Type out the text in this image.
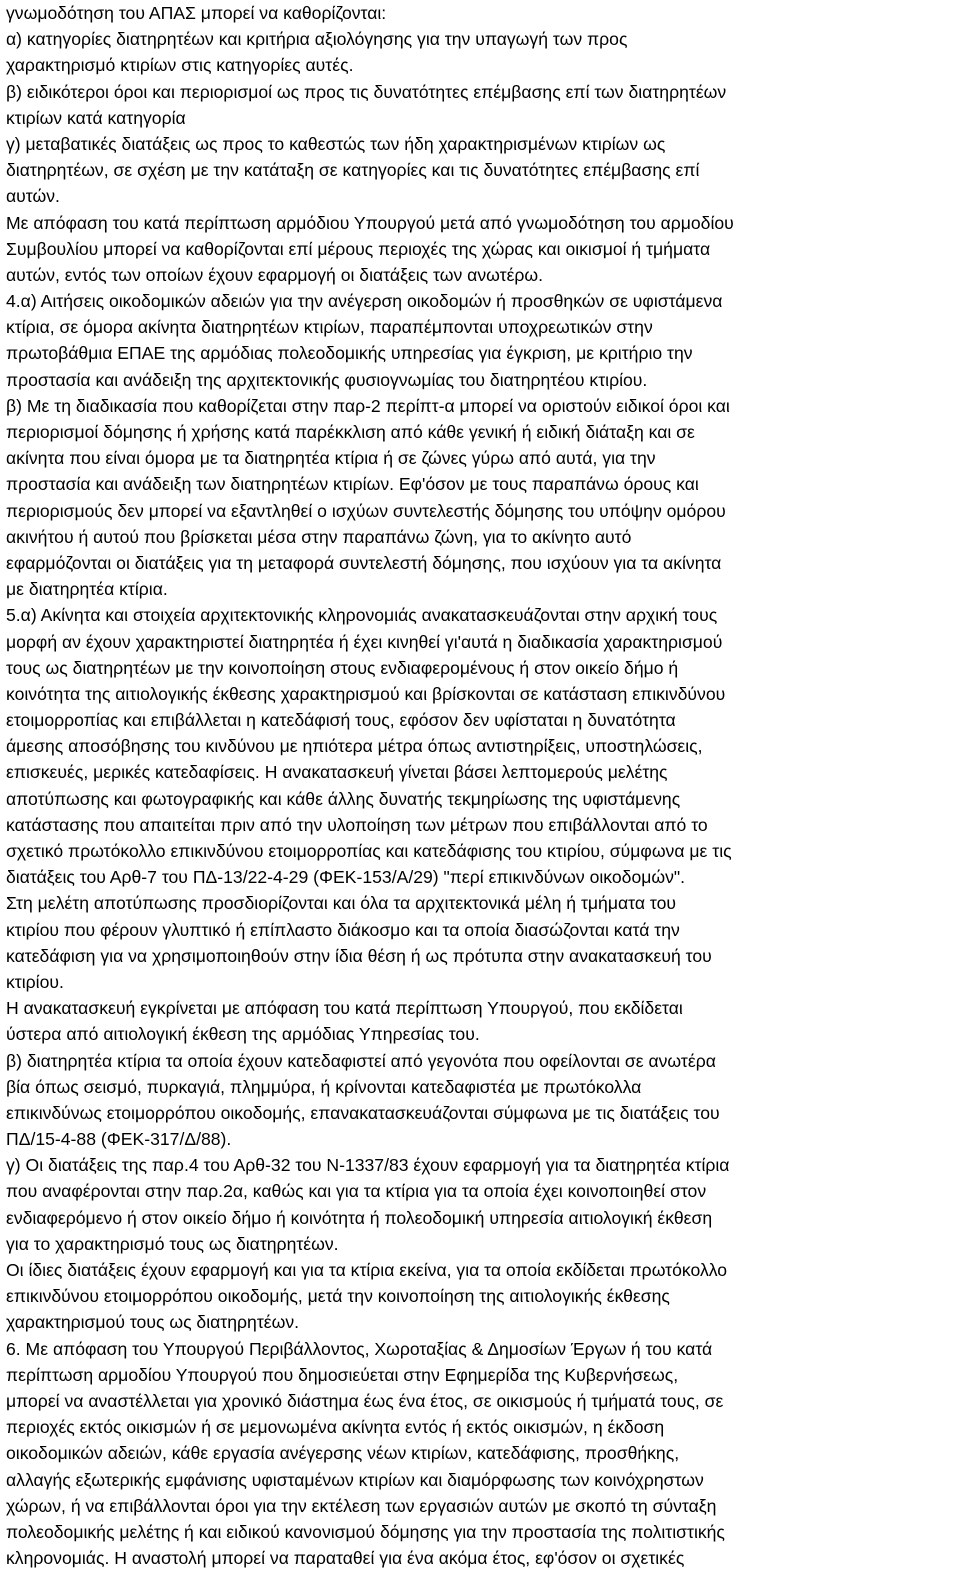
γνωμοδότηση του ΑΠΑΣ μπορεί να καθορίζονται:
α) κατηγορίες διατηρητέων και κριτήρια αξιολόγησης για την υπαγωγή των προς
χαρακτηρισμό κτιρίων στις κατηγορίες αυτές.
β) ειδικότεροι όροι και περιορισμοί ως προς τις δυνατότητες επέμβασης επί των διατηρητέων
κτιρίων κατά κατηγορία
γ) μεταβατικές διατάξεις ως προς το καθεστώς των ήδη χαρακτηρισμένων κτιρίων ως
διατηρητέων, σε σχέση με την κατάταξη σε κατηγορίες και τις δυνατότητες επέμβασης επί
αυτών.
Με απόφαση του κατά περίπτωση αρμόδιου Υπουργού μετά από γνωμοδότηση του αρμοδίου
Συμβουλίου μπορεί να καθορίζονται επί μέρους περιοχές της χώρας και οικισμοί ή τμήματα
αυτών, εντός των οποίων έχουν εφαρμογή οι διατάξεις των ανωτέρω.
4.α) Αιτήσεις οικοδομικών αδειών για την ανέγερση οικοδομών ή προσθηκών σε υφιστάμενα
κτίρια, σε όμορα ακίνητα διατηρητέων κτιρίων, παραπέμπονται υποχρεωτικών στην
πρωτοβάθμια ΕΠΑΕ της αρμόδιας πολεοδομικής υπηρεσίας για έγκριση, με κριτήριο την
προστασία και ανάδειξη της αρχιτεκτονικής φυσιογνωμίας του διατηρητέου κτιρίου.
β) Με τη διαδικασία που καθορίζεται στην παρ-2 περίπτ-α μπορεί να οριστούν ειδικοί όροι και
περιορισμοί δόμησης ή χρήσης κατά παρέκκλιση από κάθε γενική ή ειδική διάταξη και σε
ακίνητα που είναι όμορα με τα διατηρητέα κτίρια ή σε ζώνες γύρω από αυτά, για την
προστασία και ανάδειξη των διατηρητέων κτιρίων. Εφ'όσον με τους παραπάνω όρους και
περιορισμούς δεν μπορεί να εξαντληθεί ο ισχύων συντελεστής δόμησης του υπόψην ομόρου
ακινήτου ή αυτού που βρίσκεται μέσα στην παραπάνω ζώνη, για το ακίνητο αυτό
εφαρμόζονται οι διατάξεις για τη μεταφορά συντελεστή δόμησης, που ισχύουν για τα ακίνητα
με διατηρητέα κτίρια.
5.α) Ακίνητα και στοιχεία αρχιτεκτονικής κληρονομιάς ανακατασκευάζονται στην αρχική τους
μορφή αν έχουν χαρακτηριστεί διατηρητέα ή έχει κινηθεί γι'αυτά η διαδικασία χαρακτηρισμού
τους ως διατηρητέων με την κοινοποίηση στους ενδιαφερομένους ή στον οικείο δήμο ή
κοινότητα της αιτιολογικής έκθεσης χαρακτηρισμού και βρίσκονται σε κατάσταση επικινδύνου
ετοιμορροπίας και επιβάλλεται η κατεδάφισή τους, εφόσον δεν υφίσταται η δυνατότητα
άμεσης αποσόβησης του κινδύνου με ηπιότερα μέτρα όπως αντιστηρίξεις, υποστηλώσεις,
επισκευές, μερικές κατεδαφίσεις. Η ανακατασκευή γίνεται βάσει λεπτομερούς μελέτης
αποτύπωσης και φωτογραφικής και κάθε άλλης δυνατής τεκμηρίωσης της υφιστάμενης
κατάστασης που απαιτείται πριν από την υλοποίηση των μέτρων που επιβάλλονται από το
σχετικό πρωτόκολλο επικινδύνου ετοιμορροπίας και κατεδάφισης του κτιρίου, σύμφωνα με τις
διατάξεις του Αρθ-7 του ΠΔ-13/22-4-29 (ΦΕΚ-153/Α/29) "περί επικινδύνων οικοδομών".
Στη μελέτη αποτύπωσης προσδιορίζονται και όλα τα αρχιτεκτονικά μέλη ή τμήματα του
κτιρίου που φέρουν γλυπτικό ή επίπλαστο διάκοσμο και τα οποία διασώζονται κατά την
κατεδάφιση για να χρησιμοποιηθούν στην ίδια θέση ή ως πρότυπα στην ανακατασκευή του
κτιρίου.
Η ανακατασκευή εγκρίνεται με απόφαση του κατά περίπτωση Υπουργού, που εκδίδεται
ύστερα από αιτιολογική έκθεση της αρμόδιας Υπηρεσίας του.
β) διατηρητέα κτίρια τα οποία έχουν κατεδαφιστεί από γεγονότα που οφείλονται σε ανωτέρα
βία όπως σεισμό, πυρκαγιά, πλημμύρα, ή κρίνονται κατεδαφιστέα με πρωτόκολλα
επικινδύνως ετοιμορρόπου οικοδομής, επανακατασκευάζονται σύμφωνα με τις διατάξεις του
ΠΔ/15-4-88 (ΦΕΚ-317/Δ/88).
γ) Οι διατάξεις της παρ.4 του Αρθ-32 του Ν-1337/83 έχουν εφαρμογή για τα διατηρητέα κτίρια
που αναφέρονται στην παρ.2α, καθώς και για τα κτίρια για τα οποία έχει κοινοποιηθεί στον
ενδιαφερόμενο ή στον οικείο δήμο ή κοινότητα ή πολεοδομική υπηρεσία αιτιολογική έκθεση
για το χαρακτηρισμό τους ως διατηρητέων.
Οι ίδιες διατάξεις έχουν εφαρμογή και για τα κτίρια εκείνα, για τα οποία εκδίδεται πρωτόκολλο
επικινδύνου ετοιμορρόπου οικοδομής, μετά την κοινοποίηση της αιτιολογικής έκθεσης
χαρακτηρισμού τους ως διατηρητέων.
6. Με απόφαση του Υπουργού Περιβάλλοντος, Χωροταξίας & Δημοσίων Έργων ή του κατά
περίπτωση αρμοδίου Υπουργού που δημοσιεύεται στην Εφημερίδα της Κυβερνήσεως,
μπορεί να αναστέλλεται για χρονικό διάστημα έως ένα έτος, σε οικισμούς ή τμήματά τους, σε
περιοχές εκτός οικισμών ή σε μεμονωμένα ακίνητα εντός ή εκτός οικισμών, η έκδοση
οικοδομικών αδειών, κάθε εργασία ανέγερσης νέων κτιρίων, κατεδάφισης, προσθήκης,
αλλαγής εξωτερικής εμφάνισης υφισταμένων κτιρίων και διαμόρφωσης των κοινόχρηστων
χώρων, ή να επιβάλλονται όροι για την εκτέλεση των εργασιών αυτών με σκοπό τη σύνταξη
πολεοδομικής μελέτης ή και ειδικού κανονισμού δόμησης για την προστασία της πολιτιστικής
κληρονομιάς. Η αναστολή μπορεί να παραταθεί για ένα ακόμα έτος, εφ'όσον οι σχετικές
